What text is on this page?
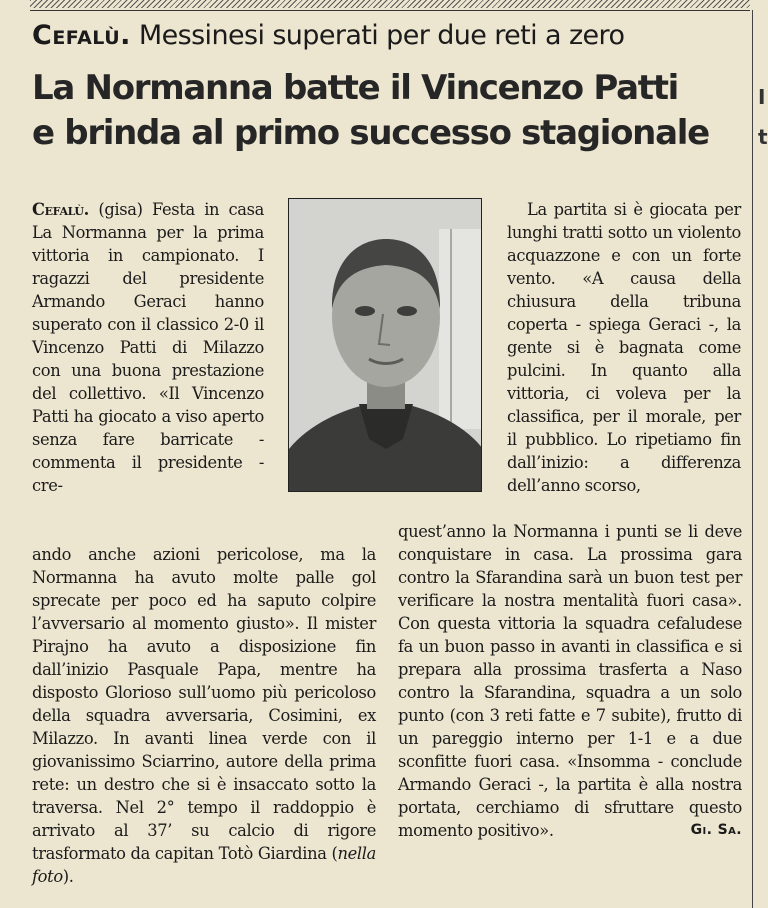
I
t
Cefalù. Messinesi superati per due reti a zero
La Normanna batte il Vincenzo Patti
e brinda al primo successo stagionale

Cefalù. (gisa) Festa in casa La Normanna per la prima vittoria in campionato. I ragazzi del presidente Armando Geraci hanno superato con il classico 2-0 il Vincenzo Patti di Milazzo con una buona prestazione del collettivo. «Il Vincenzo Patti ha giocato a viso aperto senza fare barricate - commenta il presidente - cre-

La partita si è giocata per lunghi tratti sotto un violento acquazzone e con un forte vento. «A causa della chiusura della tribuna coperta - spiega Geraci -, la gente si è bagnata come pulcini. In quanto alla vittoria, ci voleva per la classifica, per il morale, per il pubblico. Lo ripetiamo fin dall’inizio: a differenza dell’anno scorso,

ando anche azioni pericolose, ma la Normanna ha avuto molte palle gol sprecate per poco ed ha saputo colpire l’avversario al momento giusto». Il mister Pirajno ha avuto a disposizione fin dall’inizio Pasquale Papa, mentre ha disposto Glorioso sull’uomo più pericoloso della squadra avversaria, Cosimini, ex Milazzo. In avanti linea verde con il giovanissimo Sciarrino, autore della prima rete: un destro che si è insaccato sotto la traversa. Nel 2° tempo il raddoppio è arrivato al 37’ su calcio di rigore trasformato da capitan Totò Giardina (nella foto).

quest’anno la Normanna i punti se li deve conquistare in casa. La prossima gara contro la Sfarandina sarà un buon test per verificare la nostra mentalità fuori casa». Con questa vittoria la squadra cefaludese fa un buon passo in avanti in classifica e si prepara alla prossima trasferta a Naso contro la Sfarandina, squadra a un solo punto (con 3 reti fatte e 7 subite), frutto di un pareggio interno per 1-1 e a due sconfitte fuori casa. «Insomma - conclude Armando Geraci -, la partita è alla nostra portata, cerchiamo di sfruttare questo momento positivo».	Gi. Sa.
